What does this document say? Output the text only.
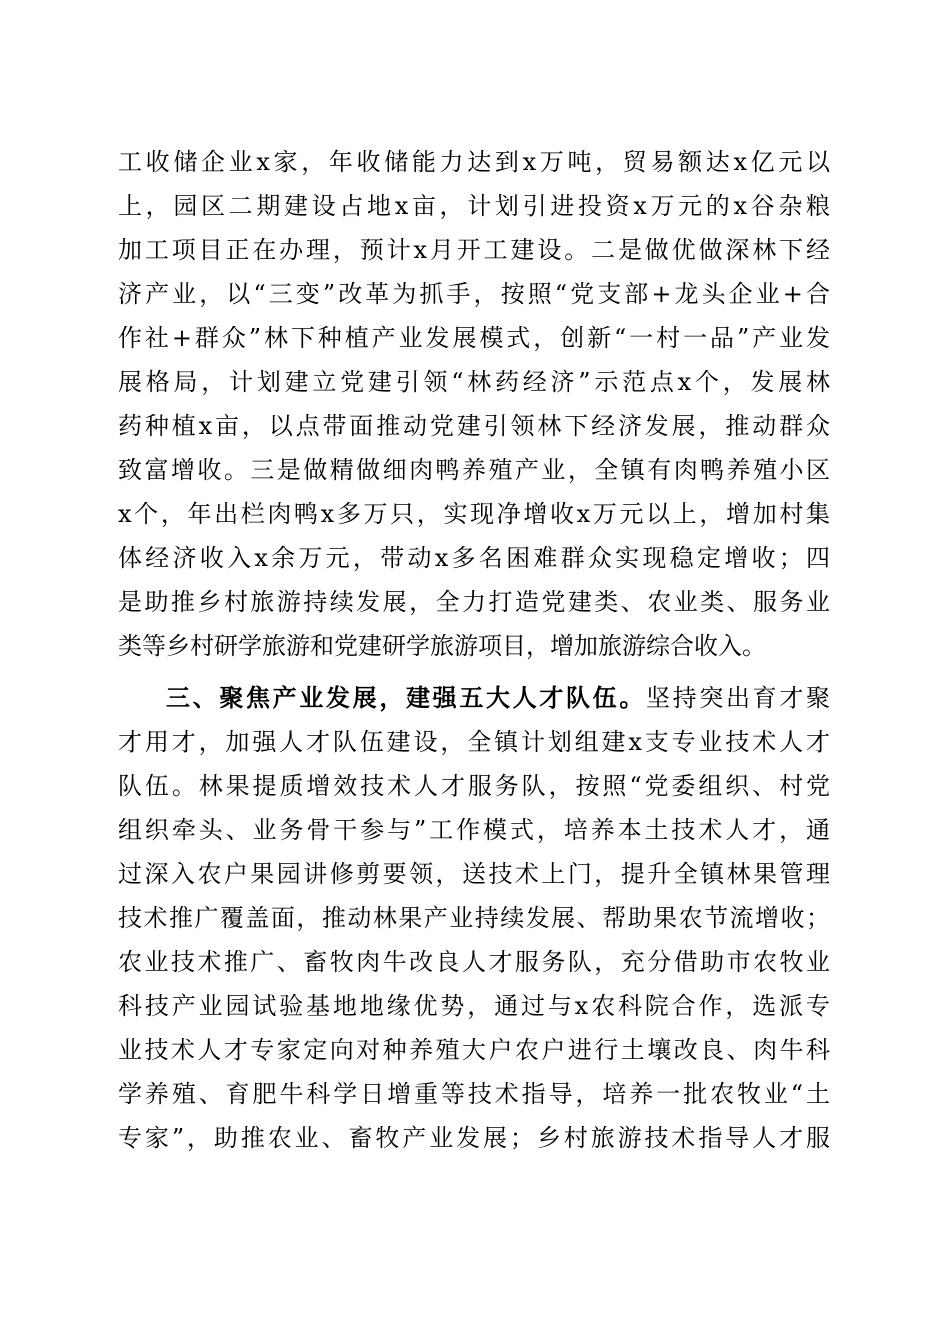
工收储企业x家，年收储能力达到x万吨，贸易额达x亿元以
上，园区二期建设占地x亩，计划引进投资x万元的x谷杂粮
加工项目正在办理，预计x月开工建设。二是做优做深林下经
济产业，以“三变”改革为抓手，按照“党支部+龙头企业+合
作社+群众”林下种植产业发展模式，创新“一村一品”产业发
展格局，计划建立党建引领“林药经济”示范点x个，发展林
药种植x亩，以点带面推动党建引领林下经济发展，推动群众
致富增收。三是做精做细肉鸭养殖产业，全镇有肉鸭养殖小区
x个，年出栏肉鸭x多万只，实现净增收x万元以上，增加村集
体经济收入x余万元，带动x多名困难群众实现稳定增收；四
是助推乡村旅游持续发展，全力打造党建类、农业类、服务业
类等乡村研学旅游和党建研学旅游项目，增加旅游综合收入。
三、聚焦产业发展，建强五大人才队伍。坚持突出育才聚
才用才，加强人才队伍建设，全镇计划组建x支专业技术人才
队伍。林果提质增效技术人才服务队，按照“党委组织、村党
组织牵头、业务骨干参与”工作模式，培养本土技术人才，通
过深入农户果园讲修剪要领，送技术上门，提升全镇林果管理
技术推广覆盖面，推动林果产业持续发展、帮助果农节流增收；
农业技术推广、畜牧肉牛改良人才服务队，充分借助市农牧业
科技产业园试验基地地缘优势，通过与x农科院合作，选派专
业技术人才专家定向对种养殖大户农户进行土壤改良、肉牛科
学养殖、育肥牛科学日增重等技术指导，培养一批农牧业“土
专家”，助推农业、畜牧产业发展；乡村旅游技术指导人才服
